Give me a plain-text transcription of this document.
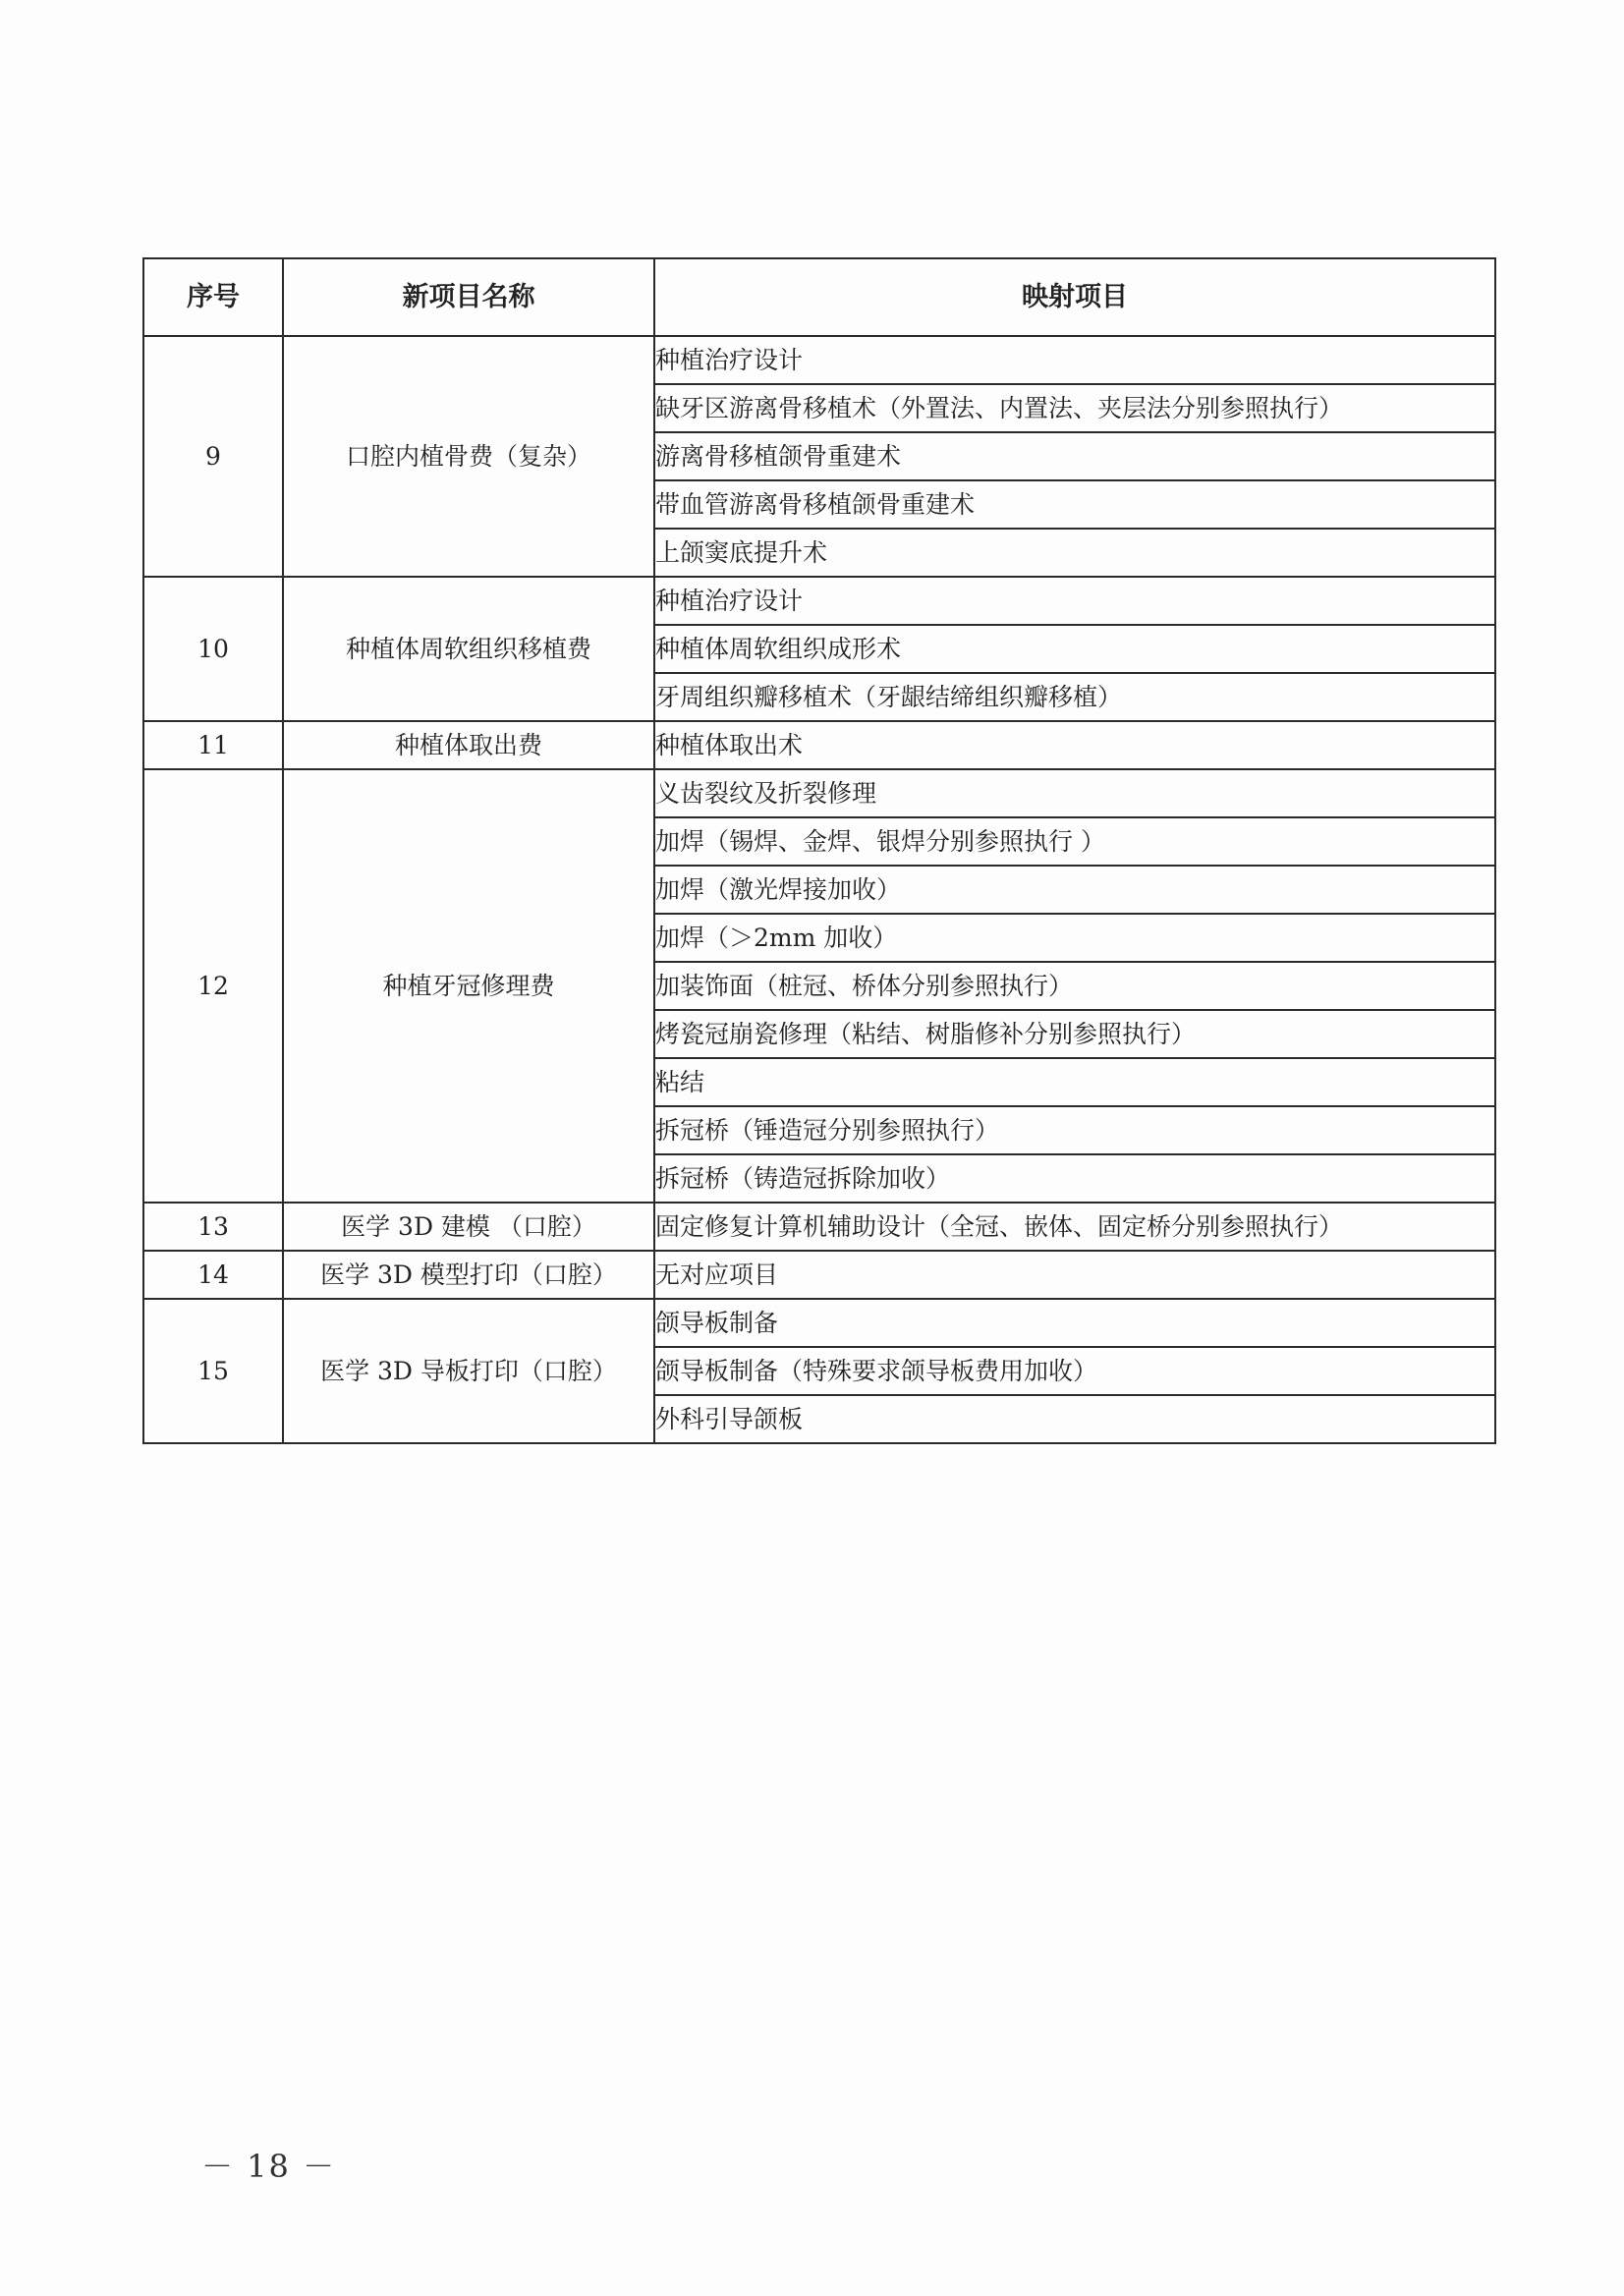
序号	新项目名称	映射项目
9	口腔内植骨费（复杂）	种植治疗设计
		缺牙区游离骨移植术（外置法、内置法、夹层法分别参照执行）
		游离骨移植颌骨重建术
		带血管游离骨移植颌骨重建术
		上颌窦底提升术
10	种植体周软组织移植费	种植治疗设计
		种植体周软组织成形术
		牙周组织瓣移植术（牙龈结缔组织瓣移植）
11	种植体取出费	种植体取出术
12	种植牙冠修理费	义齿裂纹及折裂修理
		加焊（锡焊、金焊、银焊分别参照执行 ）
		加焊（激光焊接加收）
		加焊（＞2mm 加收）
		加装饰面（桩冠、桥体分别参照执行）
		烤瓷冠崩瓷修理（粘结、树脂修补分别参照执行）
		粘结
		拆冠桥（锤造冠分别参照执行）
		拆冠桥（铸造冠拆除加收）
13	医学 3D 建模 （口腔）	固定修复计算机辅助设计（全冠、嵌体、固定桥分别参照执行）
14	医学 3D 模型打印（口腔）	无对应项目
15	医学 3D 导板打印（口腔）	颌导板制备
		颌导板制备（特殊要求颌导板费用加收）
		外科引导颌板
－ 18 －
